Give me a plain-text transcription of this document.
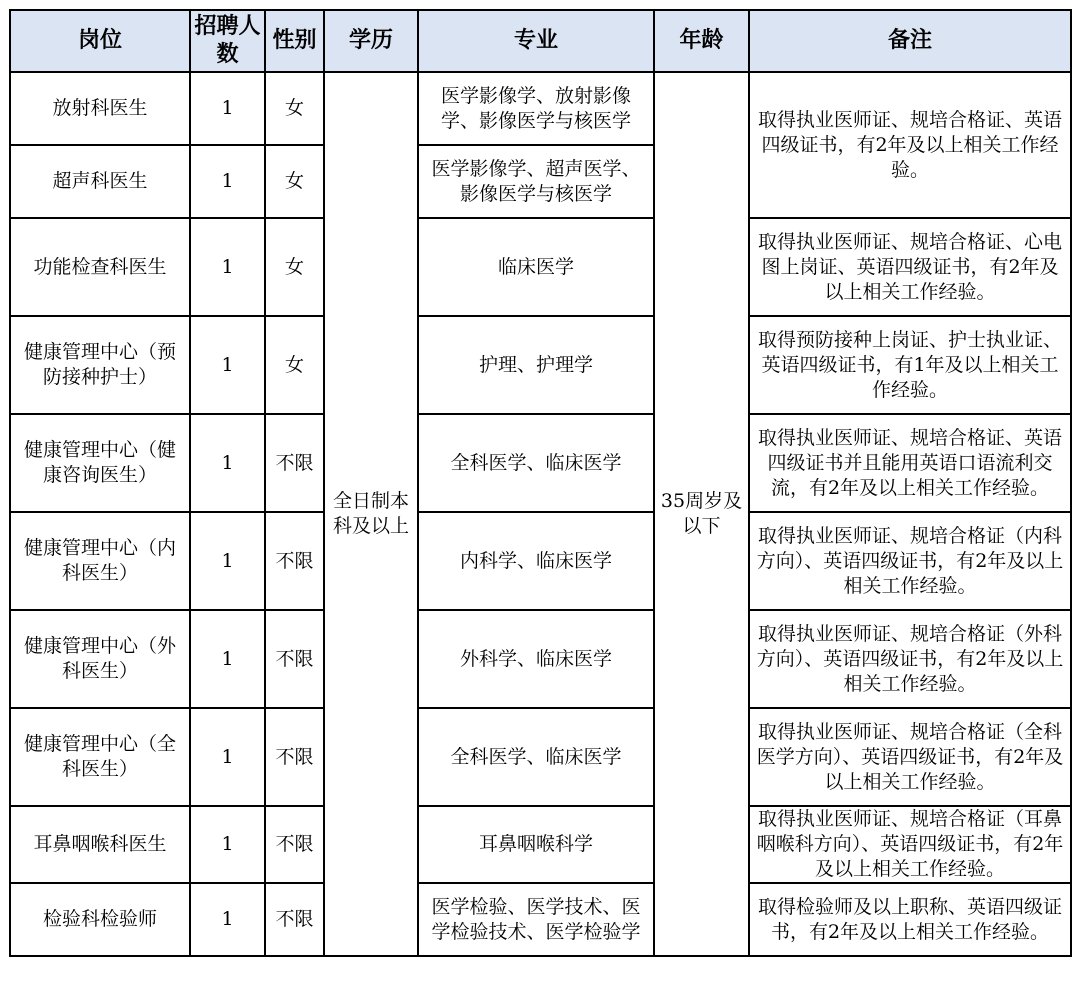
岗位	招聘人数	性别	学历	专业	年龄	备注
放射科医生	1	女	全日制本科及以上	医学影像学、放射影像学、影像医学与核医学	35周岁及以下	取得执业医师证、规培合格证、英语四级证书，有2年及以上相关工作经验。
超声科医生	1	女		医学影像学、超声医学、影像医学与核医学		
功能检查科医生	1	女		临床医学		取得执业医师证、规培合格证、心电图上岗证、英语四级证书，有2年及以上相关工作经验。
健康管理中心（预防接种护士）	1	女		护理、护理学		取得预防接种上岗证、护士执业证、英语四级证书，有1年及以上相关工作经验。
健康管理中心（健康咨询医生）	1	不限		全科医学、临床医学		取得执业医师证、规培合格证、英语四级证书并且能用英语口语流利交流，有2年及以上相关工作经验。
健康管理中心（内科医生）	1	不限		内科学、临床医学		取得执业医师证、规培合格证（内科方向）、英语四级证书，有2年及以上相关工作经验。
健康管理中心（外科医生）	1	不限		外科学、临床医学		取得执业医师证、规培合格证（外科方向）、英语四级证书，有2年及以上相关工作经验。
健康管理中心（全科医生）	1	不限		全科医学、临床医学		取得执业医师证、规培合格证（全科医学方向）、英语四级证书，有2年及以上相关工作经验。
耳鼻咽喉科医生	1	不限		耳鼻咽喉科学		取得执业医师证、规培合格证（耳鼻咽喉科方向）、英语四级证书，有2年及以上相关工作经验。
检验科检验师	1	不限		医学检验、医学技术、医学检验技术、医学检验学		取得检验师及以上职称、英语四级证书，有2年及以上相关工作经验。
